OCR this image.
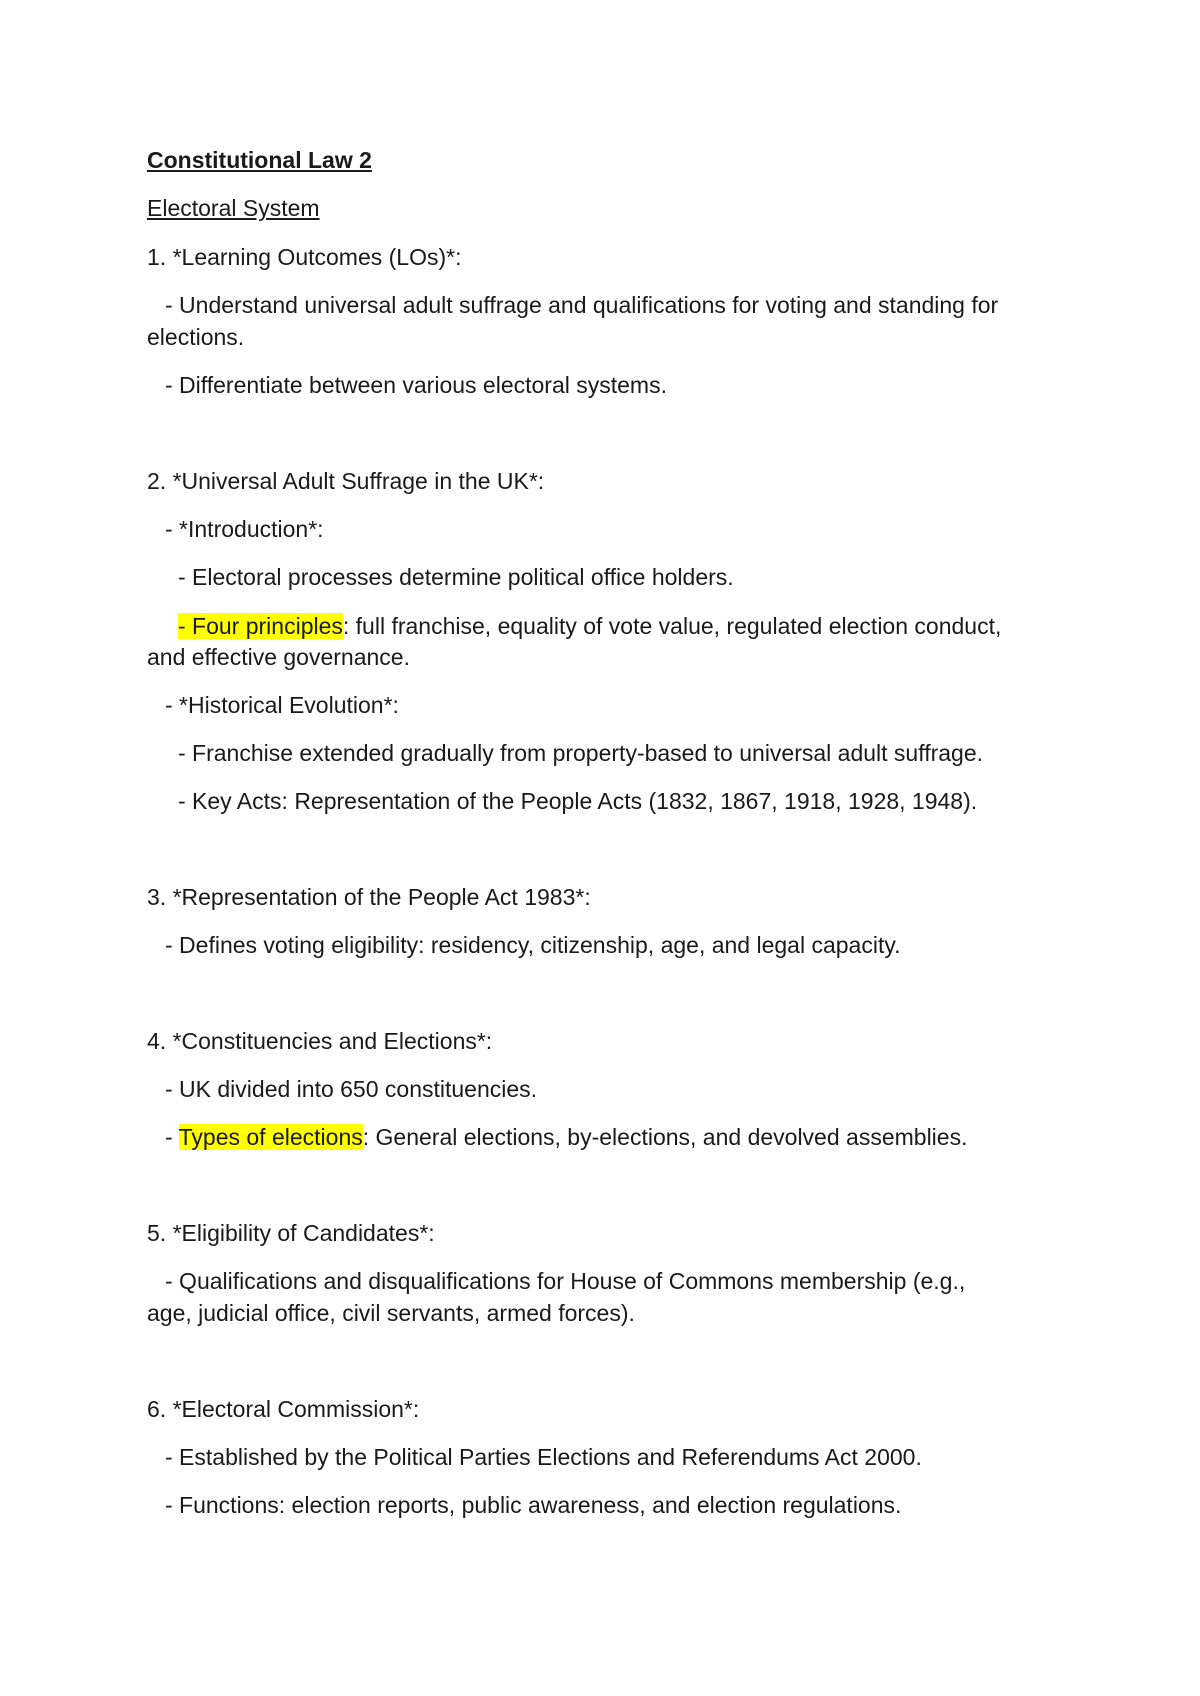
Constitutional Law 2
Electoral System
1. *Learning Outcomes (LOs)*:
- Understand universal adult suffrage and qualifications for voting and standing for
elections.
- Differentiate between various electoral systems.
2. *Universal Adult Suffrage in the UK*:
- *Introduction*:
- Electoral processes determine political office holders.
- Four principles: full franchise, equality of vote value, regulated election conduct,
and effective governance.
- *Historical Evolution*:
- Franchise extended gradually from property-based to universal adult suffrage.
- Key Acts: Representation of the People Acts (1832, 1867, 1918, 1928, 1948).
3. *Representation of the People Act 1983*:
- Defines voting eligibility: residency, citizenship, age, and legal capacity.
4. *Constituencies and Elections*:
- UK divided into 650 constituencies.
- Types of elections: General elections, by-elections, and devolved assemblies.
5. *Eligibility of Candidates*:
- Qualifications and disqualifications for House of Commons membership (e.g.,
age, judicial office, civil servants, armed forces).
6. *Electoral Commission*:
- Established by the Political Parties Elections and Referendums Act 2000.
- Functions: election reports, public awareness, and election regulations.
